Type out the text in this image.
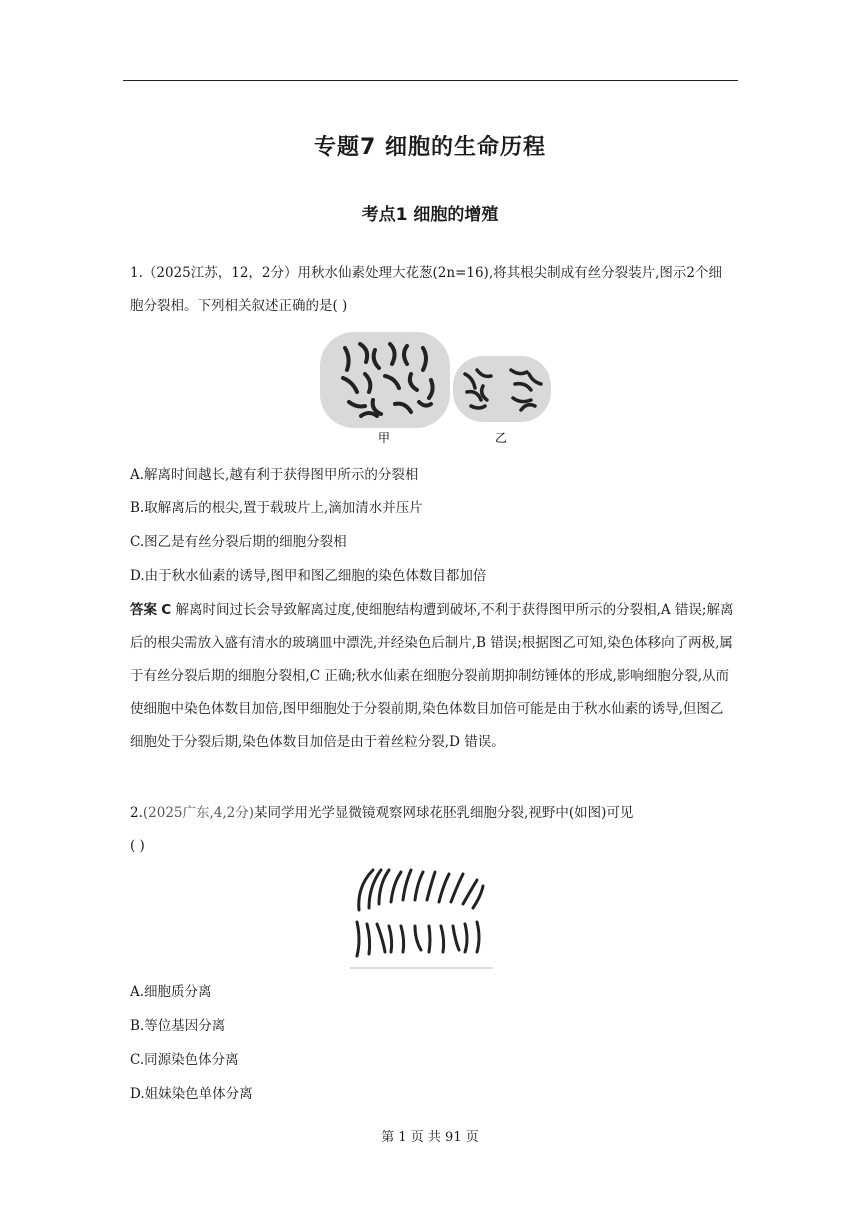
专题7 细胞的生命历程
考点1 细胞的增殖
1.（2025江苏，12，2分）用秋水仙素处理大花葱(2n=16),将其根尖制成有丝分裂装片,图示2个细胞分裂相。下列相关叙述正确的是( )
甲	乙
A.解离时间越长,越有利于获得图甲所示的分裂相
B.取解离后的根尖,置于载玻片上,滴加清水并压片
C.图乙是有丝分裂后期的细胞分裂相
D.由于秋水仙素的诱导,图甲和图乙细胞的染色体数目都加倍
答案 C 解离时间过长会导致解离过度,使细胞结构遭到破坏,不利于获得图甲所示的分裂相,A 错误;解离后的根尖需放入盛有清水的玻璃皿中漂洗,并经染色后制片,B 错误;根据图乙可知,染色体移向了两极,属于有丝分裂后期的细胞分裂相,C 正确;秋水仙素在细胞分裂前期抑制纺锤体的形成,影响细胞分裂,从而使细胞中染色体数目加倍,图甲细胞处于分裂前期,染色体数目加倍可能是由于秋水仙素的诱导,但图乙细胞处于分裂后期,染色体数目加倍是由于着丝粒分裂,D 错误。
2.(2025广东,4,2分)某同学用光学显微镜观察网球花胚乳细胞分裂,视野中(如图)可见
( )
A.细胞质分离
B.等位基因分离
C.同源染色体分离
D.姐妹染色单体分离
第 1 页 共 91 页
